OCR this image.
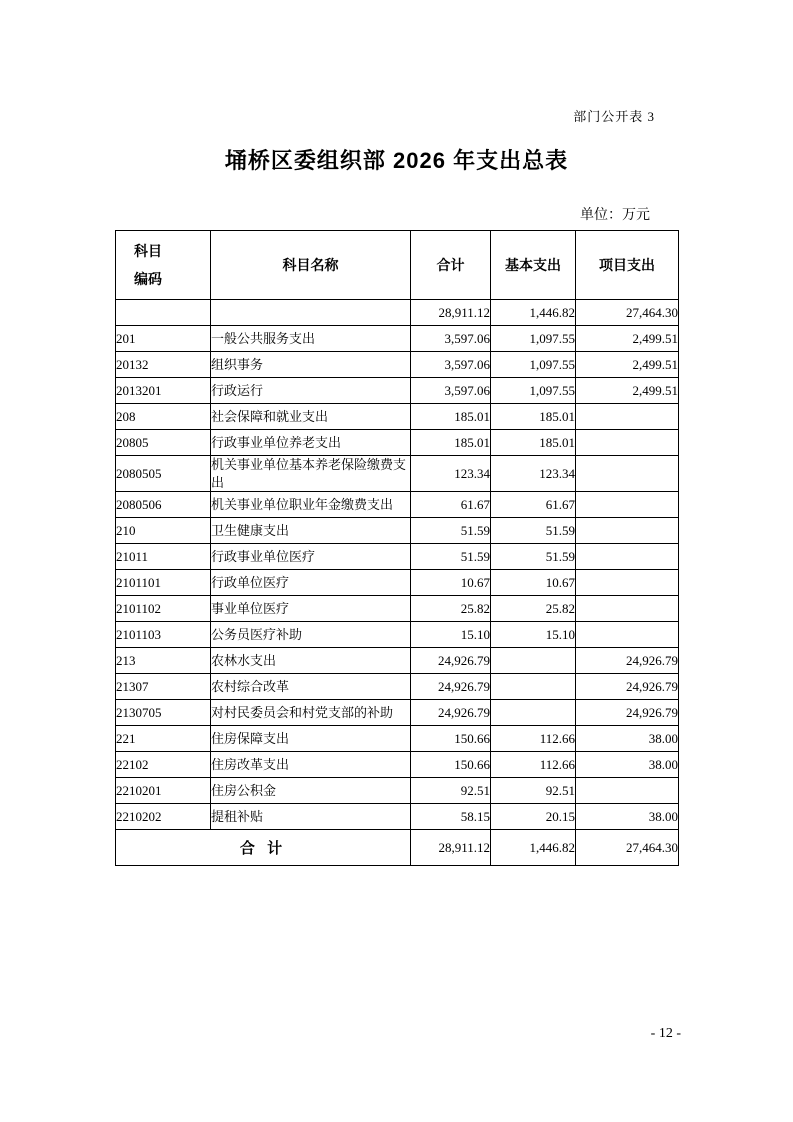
部门公开表 3
埇桥区委组织部 2026 年支出总表
单位：万元
科目
编码	科目名称	合计	基本支出	项目支出
		28,911.12	1,446.82	27,464.30
201	一般公共服务支出	3,597.06	1,097.55	2,499.51
20132	组织事务	3,597.06	1,097.55	2,499.51
2013201	行政运行	3,597.06	1,097.55	2,499.51
208	社会保障和就业支出	185.01	185.01	
20805	行政事业单位养老支出	185.01	185.01	
2080505	机关事业单位基本养老保险缴费支出	123.34	123.34	
2080506	机关事业单位职业年金缴费支出	61.67	61.67	
210	卫生健康支出	51.59	51.59	
21011	行政事业单位医疗	51.59	51.59	
2101101	行政单位医疗	10.67	10.67	
2101102	事业单位医疗	25.82	25.82	
2101103	公务员医疗补助	15.10	15.10	
213	农林水支出	24,926.79		24,926.79
21307	农村综合改革	24,926.79		24,926.79
2130705	对村民委员会和村党支部的补助	24,926.79		24,926.79
221	住房保障支出	150.66	112.66	38.00
22102	住房改革支出	150.66	112.66	38.00
2210201	住房公积金	92.51	92.51	
2210202	提租补贴	58.15	20.15	38.00
合 计		28,911.12	1,446.82	27,464.30
- 12 -
